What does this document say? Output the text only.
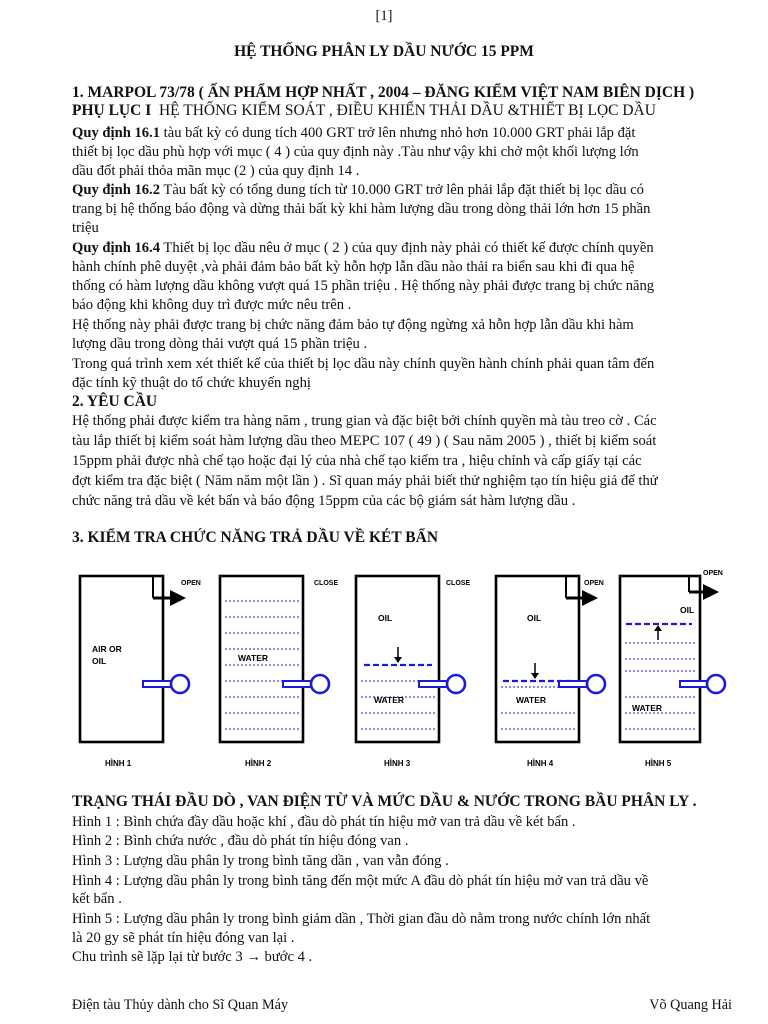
[1]
HỆ THỐNG PHÂN LY DẦU NƯỚC 15 PPM
1. MARPOL 73/78 ( ẤN PHẨM HỢP NHẤT , 2004 – ĐĂNG KIỂM VIỆT NAM BIÊN DỊCH )
PHỤ LỤC I HỆ THỐNG KIỂM SOÁT , ĐIỀU KHIỂN THẢI DẦU &THIẾT BỊ LỌC DẦU
Quy định 16.1 tàu bất kỳ có dung tích 400 GRT trở lên nhưng nhỏ hơn 10.000 GRT phải lắp đặt
thiết bị lọc dầu phù hợp với mục ( 4 ) của quy định này .Tàu như vậy khi chở một khối lượng lớn
dầu đốt phải thỏa mãn mục (2 ) của quy định 14 .
Quy định 16.2 Tàu bất kỳ có tổng dung tích từ 10.000 GRT trở lên phải lắp đặt thiết bị lọc dầu có
trang bị hệ thống báo động và dừng thải bất kỳ khi hàm lượng dầu trong dòng thải lớn hơn 15 phần
triệu
Quy định 16.4 Thiết bị lọc dầu nêu ở mục ( 2 ) của quy định này phải có thiết kế được chính quyền
hành chính phê duyệt ,và phải đảm bảo bất kỳ hỗn hợp lẫn dầu nào thải ra biển sau khi đi qua hệ
thống có hàm lượng dầu không vượt quá 15 phần triệu . Hệ thống này phải được trang bị chức năng
báo động khi không duy trì được mức nêu trên .
Hệ thống này phải được trang bị chức năng đảm bảo tự động ngừng xả hỗn hợp lẫn dầu khi hàm
lượng dầu trong dòng thải vượt quá 15 phần triệu .
Trong quá trình xem xét thiết kế của thiết bị lọc dầu này chính quyền hành chính phải quan tâm đến
đặc tính kỹ thuật do tổ chức khuyến nghị
2. YÊU CẦU
Hệ thống phải được kiểm tra hàng năm , trung gian và đặc biệt bởi chính quyền mà tàu treo cờ . Các
tàu lắp thiết bị kiểm soát hàm lượng dầu theo MEPC 107 ( 49 ) ( Sau năm 2005 ) , thiết bị kiểm soát
15ppm phải được nhà chế tạo hoặc đại lý của nhà chế tạo kiểm tra , hiệu chỉnh và cấp giấy tại các
đợt kiểm tra đặc biệt ( Năm năm một lần ) . Sĩ quan máy phải biết thử nghiệm tạo tín hiệu giả để thử
chức năng trả dầu về két bẩn và báo động 15ppm của các bộ giám sát hàm lượng dầu .
3. KIỂM TRA CHỨC NĂNG TRẢ DẦU VỀ KÉT BẨN
OPEN
AIR OR
OIL
CLOSE
WATER
CLOSE
OIL
WATER
OPEN
OIL
WATER
OPEN
OIL
WATER
HÌNH 1	HÌNH 2	HÌNH 3	HÌNH 4	HÌNH 5
TRẠNG THÁI ĐẦU DÒ , VAN ĐIỆN TỪ VÀ MỨC DẦU & NƯỚC TRONG BẦU PHÂN LY .
Hình 1 : Bình chứa đầy dầu hoặc khí , đầu dò phát tín hiệu mở van trả dầu về két bẩn .
Hình 2 : Bình chứa nước , đầu dò phát tín hiệu đóng van .
Hình 3 : Lượng dầu phân ly trong bình tăng dần , van vẫn đóng .
Hình 4 : Lượng dầu phân ly trong bình tăng đến một mức A đầu dò phát tín hiệu mở van trả dầu về
kết bẩn .
Hình 5 : Lượng dầu phân ly trong bình giảm dần , Thời gian đầu dò nằm trong nước chính lớn nhất
là 20 gy sẽ phát tín hiệu đóng van lại .
Chu trình sẽ lặp lại từ bước 3 → bước 4 .
Điện tàu Thủy dành cho Sĩ Quan Máy	Võ Quang Hải
